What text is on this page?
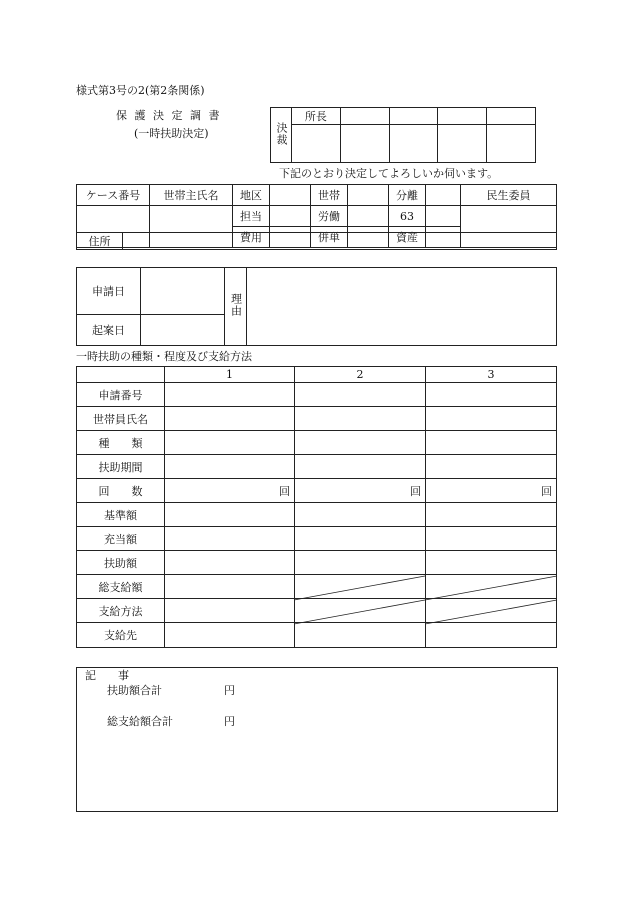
様式第3号の2(第2条関係)
保 護 決 定 調 書
(一時扶助決定)	決裁	所長				

下記のとおり決定してよろしいか伺います。
ケース番号	世帯主氏名	地区		世帯		分離		民生委員
		担当		労働		63		
		費用		併単		資産		
住所	
申請日		理由	
起案日			
一時扶助の種類・程度及び支給方法
	1	2	3
申請番号			
世帯員氏名			
種　　類			
扶助期間			
回　　数	回	回	回
基準額			
充当額			
扶助額			
総支給額			
支給方法			
支給先			
記　　事
扶助額合計	円
総支給額合計	円
